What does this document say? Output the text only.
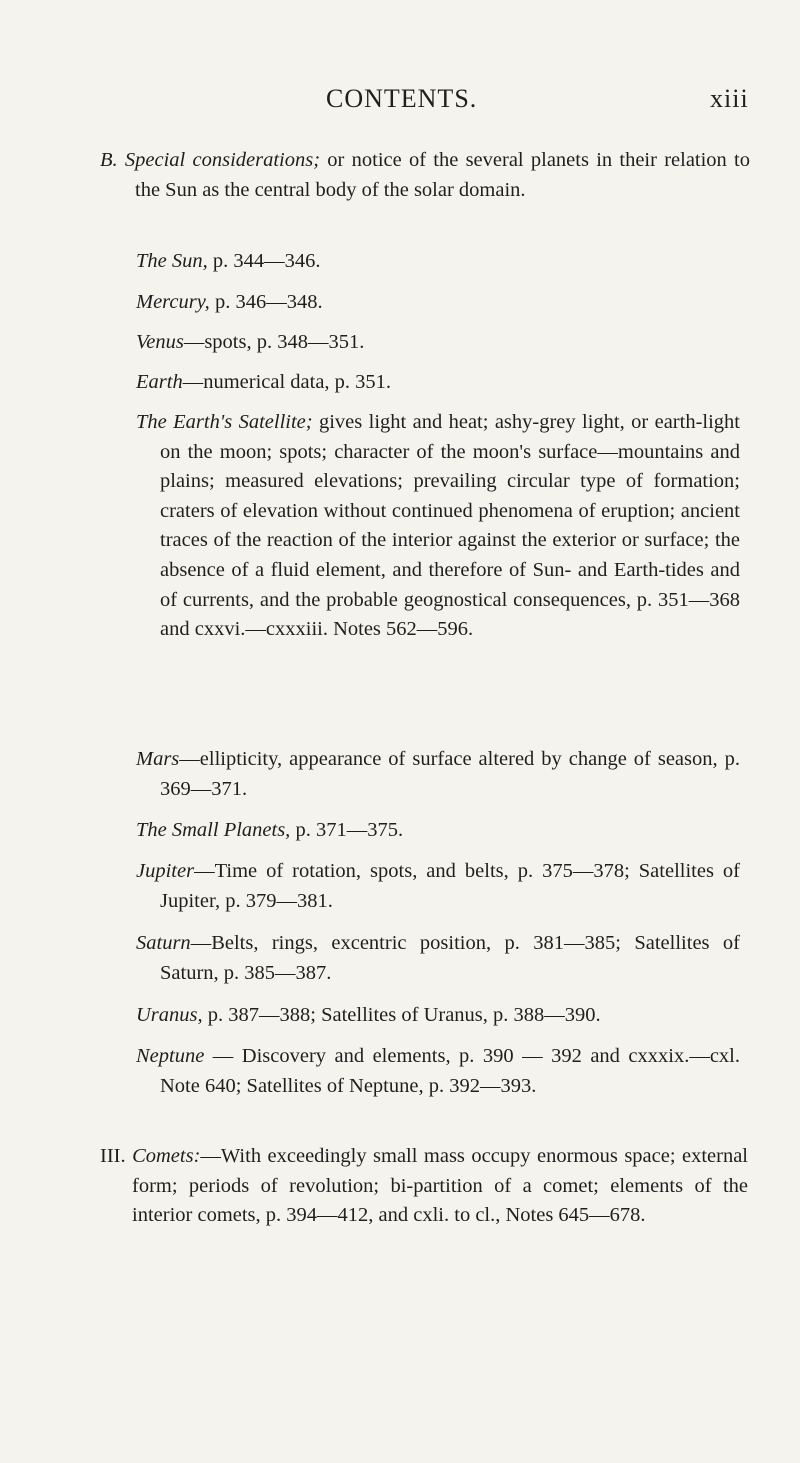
CONTENTS.	xiii

B. Special considerations; or notice of the several planets in their relation to the Sun as the central body of the solar domain.

The Sun, p. 344—346.

Mercury, p. 346—348.

Venus—spots, p. 348—351.

Earth—numerical data, p. 351.

The Earth's Satellite; gives light and heat; ashy-grey light, or earth-light on the moon; spots; character of the moon's surface—mountains and plains; measured elevations; prevailing circular type of formation; craters of elevation without continued phenomena of eruption; ancient traces of the reaction of the interior against the exterior or surface; the absence of a fluid element, and therefore of Sun- and Earth-tides and of currents, and the probable geognostical consequences, p. 351—368 and cxxvi.—cxxxiii. Notes 562—596.

Mars—ellipticity, appearance of surface altered by change of season, p. 369—371.

The Small Planets, p. 371—375.

Jupiter—Time of rotation, spots, and belts, p. 375—378; Satellites of Jupiter, p. 379—381.

Saturn—Belts, rings, excentric position, p. 381—385; Satellites of Saturn, p. 385—387.

Uranus, p. 387—388; Satellites of Uranus, p. 388—390.

Neptune — Discovery and elements, p. 390 — 392 and cxxxix.—cxl. Note 640; Satellites of Neptune, p. 392—393.

III. Comets:—With exceedingly small mass occupy enormous space; external form; periods of revolution; bi-partition of a comet; elements of the interior comets, p. 394—412, and cxli. to cl., Notes 645—678.
